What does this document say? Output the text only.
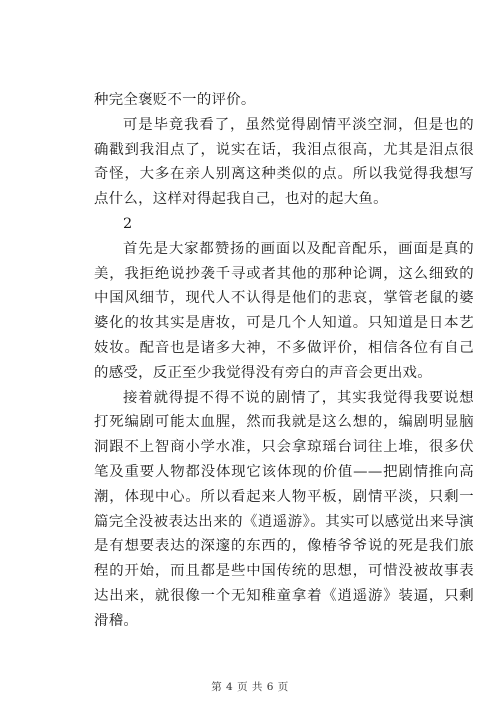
种完全褒贬不一的评价。

可是毕竟我看了，虽然觉得剧情平淡空洞，但是也的确戳到我泪点了，说实在话，我泪点很高，尤其是泪点很奇怪，大多在亲人别离这种类似的点。所以我觉得我想写点什么，这样对得起我自己，也对的起大鱼。

2

首先是大家都赞扬的画面以及配音配乐，画面是真的美，我拒绝说抄袭千寻或者其他的那种论调，这么细致的中国风细节，现代人不认得是他们的悲哀，掌管老鼠的婆婆化的妆其实是唐妆，可是几个人知道。只知道是日本艺妓妆。配音也是诸多大神，不多做评价，相信各位有自己的感受，反正至少我觉得没有旁白的声音会更出戏。

接着就得提不得不说的剧情了，其实我觉得我要说想打死编剧可能太血腥，然而我就是这么想的，编剧明显脑洞跟不上智商小学水准，只会拿琼瑶台词往上堆，很多伏笔及重要人物都没体现它该体现的价值——把剧情推向高潮，体现中心。所以看起来人物平板，剧情平淡，只剩一篇完全没被表达出来的《逍遥游》。其实可以感觉出来导演是有想要表达的深邃的东西的，像椿爷爷说的死是我们旅程的开始，而且都是些中国传统的思想，可惜没被故事表达出来，就很像一个无知稚童拿着《逍遥游》装逼，只剩滑稽。

第 4 页 共 6 页
